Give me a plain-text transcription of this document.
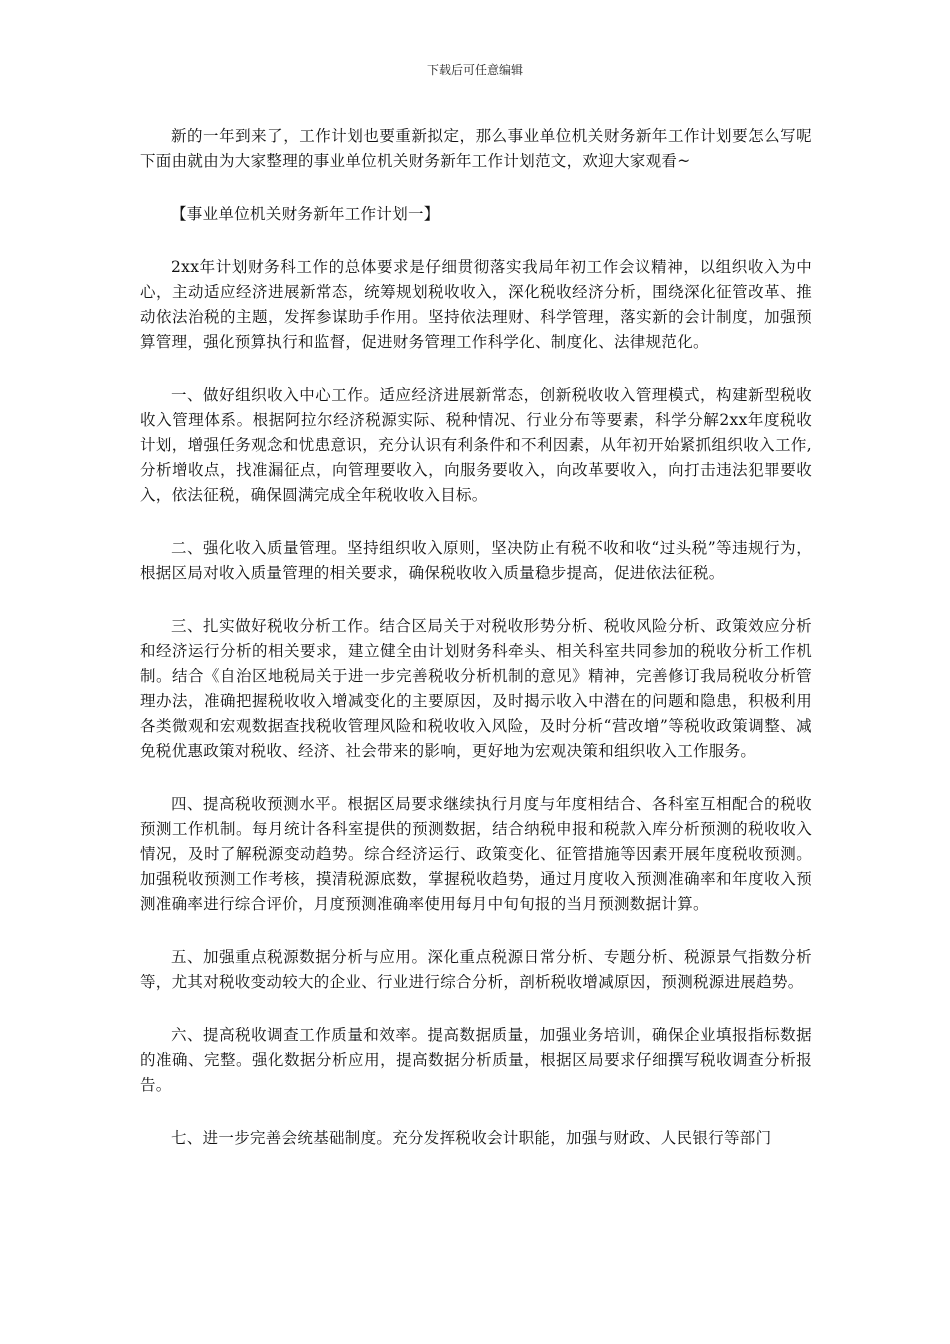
下载后可任意编辑

新的一年到来了，工作计划也要重新拟定，那么事业单位机关财务新年工作计划要怎么写呢下面由就由为大家整理的事业单位机关财务新年工作计划范文，欢迎大家观看~

【事业单位机关财务新年工作计划一】

2xx年计划财务科工作的总体要求是仔细贯彻落实我局年初工作会议精神，以组织收入为中心，主动适应经济进展新常态，统筹规划税收收入，深化税收经济分析，围绕深化征管改革、推动依法治税的主题，发挥参谋助手作用。坚持依法理财、科学管理，落实新的会计制度，加强预算管理，强化预算执行和监督，促进财务管理工作科学化、制度化、法律规范化。

一、做好组织收入中心工作。适应经济进展新常态，创新税收收入管理模式，构建新型税收收入管理体系。根据阿拉尔经济税源实际、税种情况、行业分布等要素，科学分解2xx年度税收计划，增强任务观念和忧患意识，充分认识有利条件和不利因素，从年初开始紧抓组织收入工作,分析增收点，找准漏征点，向管理要收入，向服务要收入，向改革要收入，向打击违法犯罪要收入，依法征税，确保圆满完成全年税收收入目标。

二、强化收入质量管理。坚持组织收入原则，坚决防止有税不收和收“过头税”等违规行为，根据区局对收入质量管理的相关要求，确保税收收入质量稳步提高，促进依法征税。

三、扎实做好税收分析工作。结合区局关于对税收形势分析、税收风险分析、政策效应分析和经济运行分析的相关要求，建立健全由计划财务科牵头、相关科室共同参加的税收分析工作机制。结合《自治区地税局关于进一步完善税收分析机制的意见》精神，完善修订我局税收分析管理办法，准确把握税收收入增减变化的主要原因，及时揭示收入中潜在的问题和隐患，积极利用各类微观和宏观数据查找税收管理风险和税收收入风险，及时分析“营改增”等税收政策调整、减免税优惠政策对税收、经济、社会带来的影响，更好地为宏观决策和组织收入工作服务。

四、提高税收预测水平。根据区局要求继续执行月度与年度相结合、各科室互相配合的税收预测工作机制。每月统计各科室提供的预测数据，结合纳税申报和税款入库分析预测的税收收入情况，及时了解税源变动趋势。综合经济运行、政策变化、征管措施等因素开展年度税收预测。加强税收预测工作考核，摸清税源底数，掌握税收趋势，通过月度收入预测准确率和年度收入预测准确率进行综合评价，月度预测准确率使用每月中旬旬报的当月预测数据计算。

五、加强重点税源数据分析与应用。深化重点税源日常分析、专题分析、税源景气指数分析等，尤其对税收变动较大的企业、行业进行综合分析，剖析税收增减原因，预测税源进展趋势。

六、提高税收调查工作质量和效率。提高数据质量，加强业务培训，确保企业填报指标数据的准确、完整。强化数据分析应用，提高数据分析质量，根据区局要求仔细撰写税收调查分析报告。

七、进一步完善会统基础制度。充分发挥税收会计职能，加强与财政、人民银行等部门
